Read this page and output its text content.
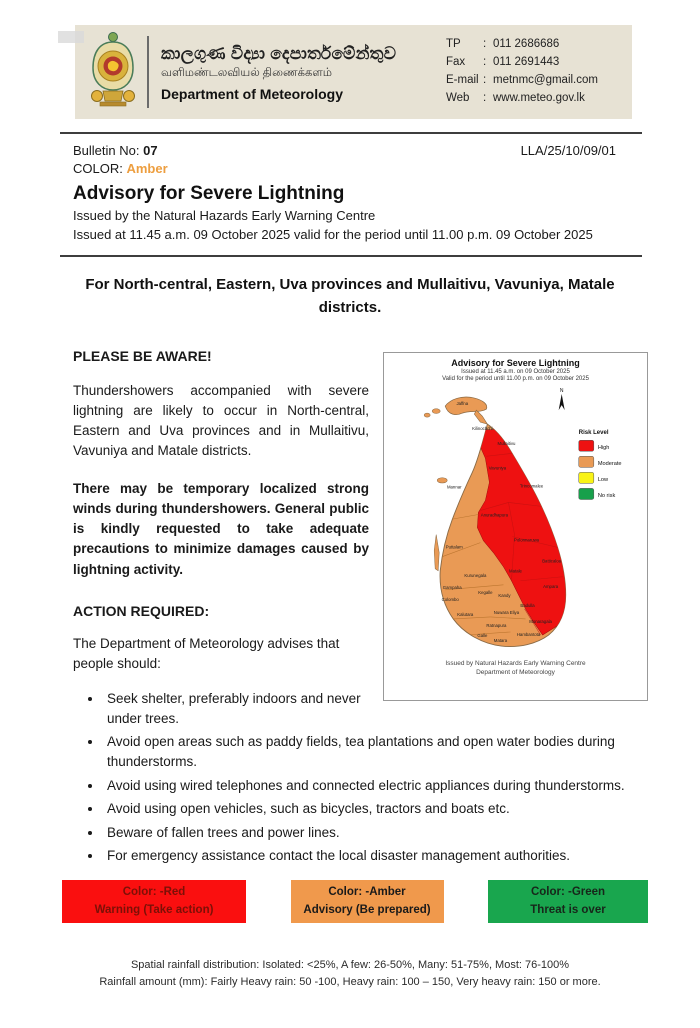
කාලගුණ විද්‍යා දෙපාර්තමේන්තුව
வளிமண்டலவியல் திணைக்களம்
Department of Meteorology
TP	: 011 2686686
Fax	: 011 2691443
E-mail : metnmc@gmail.com
Web	: www.meteo.gov.lk
Bulletin No: 07	LLA/25/10/09/01
COLOR: Amber
Advisory for Severe Lightning
Issued by the Natural Hazards Early Warning Centre
Issued at 11.45 a.m. 09 October 2025 valid for the period until 11.00 p.m. 09 October 2025
For North-central, Eastern, Uva provinces and Mullaitivu, Vavuniya, Matale districts.
Advisory for Severe Lightning
Issued at 11.45 a.m. on 09 October 2025
Valid for the period until 11.00 p.m. on 09 October 2025
Jaffna
Kilinochchi
Mullaitivu
Vavuniya
Mannar	Trincomalee
Anuradhapura
Polonnaruwa
Puttalam
Batticaloa
Kurunegala
Matale
Gampaha
Kandy
Kegalle
Ampara
Colombo
Badulla
Nuwara Eliya
Kalutara
Monaragala
Ratnapura
Galle
Matara
Hambantota
N
Risk Level
High
Moderate
Low
No risk
Issued by Natural Hazards Early Warning Centre
Department of Meteorology
PLEASE BE AWARE!

Thundershowers accompanied with severe lightning are likely to occur in North-central, Eastern and Uva provinces and in Mullaitivu, Vavuniya and Matale districts.

There may be temporary localized strong winds during thundershowers. General public is kindly requested to take adequate precautions to minimize damages caused by lightning activity.

ACTION REQUIRED:

The Department of Meteorology advises that people should:

• Seek shelter, preferably indoors and never under trees.
• Avoid open areas such as paddy fields, tea plantations and open water bodies during thunderstorms.
• Avoid using wired telephones and connected electric appliances during thunderstorms.
• Avoid using open vehicles, such as bicycles, tractors and boats etc.
• Beware of fallen trees and power lines.
• For emergency assistance contact the local disaster management authorities.
Color: -Red
Warning (Take action)
Color: -Amber
Advisory (Be prepared)
Color: -Green
Threat is over
Spatial rainfall distribution: Isolated: <25%, A few: 26-50%, Many: 51-75%, Most: 76-100%
Rainfall amount (mm): Fairly Heavy rain: 50 -100, Heavy rain: 100 – 150, Very heavy rain: 150 or more.
